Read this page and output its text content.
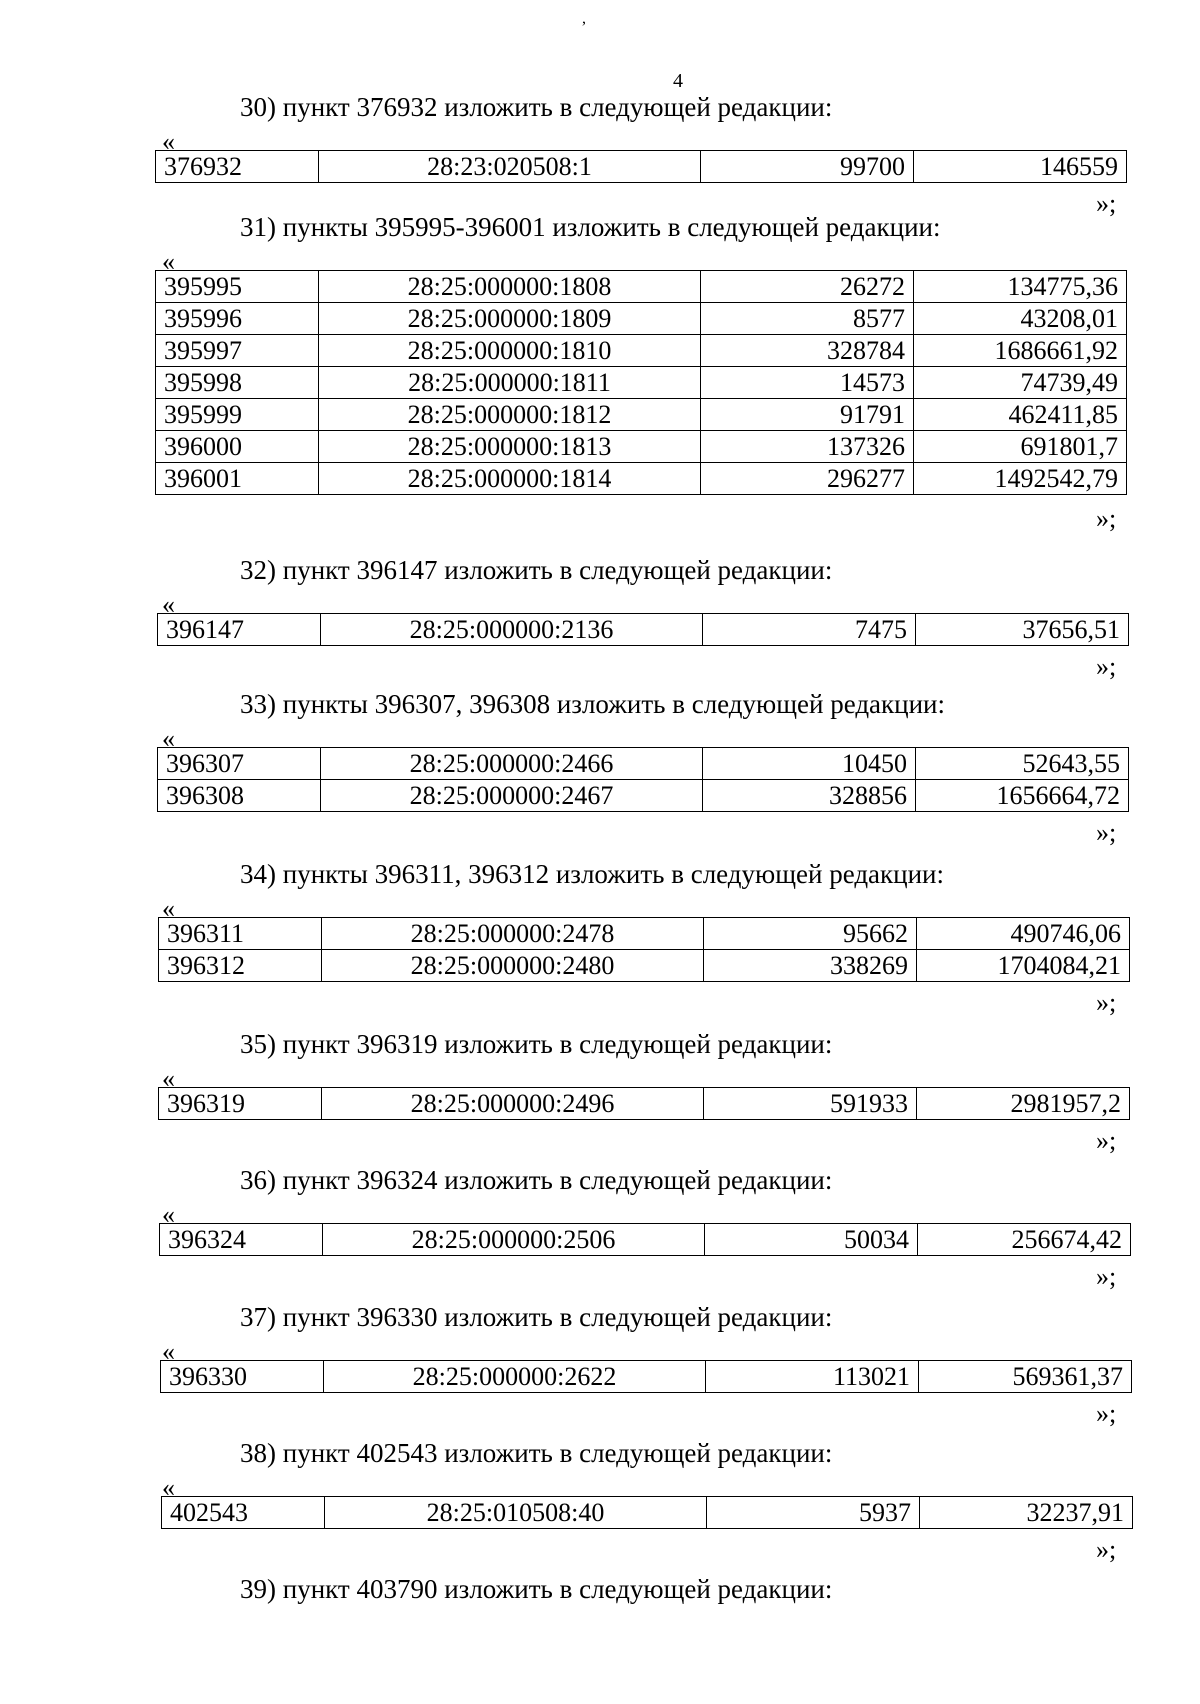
,
4
30) пункт 376932 изложить в следующей редакции:
«
376932	28:23:020508:1	99700	146559
»;
31) пункты 395995-396001 изложить в следующей редакции:
«
395995	28:25:000000:1808	26272	134775,36
395996	28:25:000000:1809	8577	43208,01
395997	28:25:000000:1810	328784	1686661,92
395998	28:25:000000:1811	14573	74739,49
395999	28:25:000000:1812	91791	462411,85
396000	28:25:000000:1813	137326	691801,7
396001	28:25:000000:1814	296277	1492542,79
»;
32) пункт 396147 изложить в следующей редакции:
«
396147	28:25:000000:2136	7475	37656,51
»;
33) пункты 396307, 396308 изложить в следующей редакции:
«
396307	28:25:000000:2466	10450	52643,55
396308	28:25:000000:2467	328856	1656664,72
»;
34) пункты 396311, 396312 изложить в следующей редакции:
«
396311	28:25:000000:2478	95662	490746,06
396312	28:25:000000:2480	338269	1704084,21
»;
35) пункт 396319 изложить в следующей редакции:
«
396319	28:25:000000:2496	591933	2981957,2
»;
36) пункт 396324 изложить в следующей редакции:
«
396324	28:25:000000:2506	50034	256674,42
»;
37) пункт 396330 изложить в следующей редакции:
«
396330	28:25:000000:2622	113021	569361,37
»;
38) пункт 402543 изложить в следующей редакции:
«
402543	28:25:010508:40	5937	32237,91
»;
39) пункт 403790 изложить в следующей редакции:
